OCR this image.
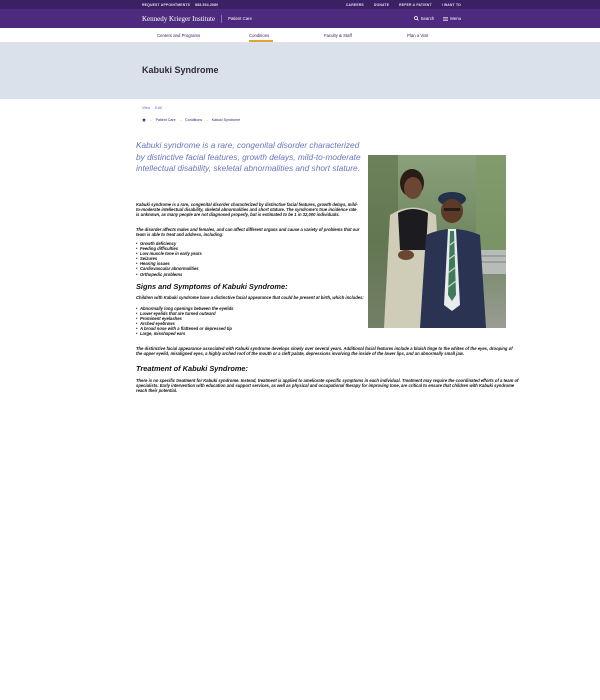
REQUEST APPOINTMENTS 888.554.2080	CAREERS	DONATE	REFER A PATIENT	I WANT TO
Kennedy Krieger Institute	Patient Care	Search	Menu
Centers and Programs	Conditions	Faculty & Staff	Plan a Visit
Kabuki Syndrome
View Edit
→ Patient Care → Conditions → Kabuki Syndrome

Kabuki syndrome is a rare, congenital disorder characterized by distinctive facial features, growth delays, mild-to-moderate intellectual disability, skeletal abnormalities and short stature.

Kabuki syndrome is a rare, congenital disorder characterized by distinctive facial features, growth delays, mild-to-moderate intellectual disability, skeletal abnormalities and short stature. The syndrome's true incidence rate is unknown, as many people are not diagnosed properly, but is estimated to be 1 in 32,000 individuals.

The disorder affects males and females, and can affect different organs and cause a variety of problems that our team is able to treat and address, including:

• Growth deficiency
• Feeding difficulties
• Low muscle tone in early years
• Seizures
• Hearing issues
• Cardiovascular abnormalities
• Orthopedic problems
Signs and Symptoms of Kabuki Syndrome:

Children with Kabuki syndrome have a distinctive facial appearance that could be present at birth, which includes:

• Abnormally long openings between the eyelids
• Lower eyelids that are turned outward
• Prominent eyelashes
• Arched eyebrows
• A broad nose with a flattened or depressed tip
• Large, misshaped ears

The distinctive facial appearance associated with Kabuki syndrome develops slowly over several years. Additional facial features include a bluish tinge to the whites of the eyes, drooping of the upper eyelid, misaligned eyes, a highly arched roof of the mouth or a cleft palate, depressions involving the inside of the lower lips, and an abnormally small jaw.

Treatment of Kabuki Syndrome:

There is no specific treatment for Kabuki syndrome. Instead, treatment is applied to ameliorate specific symptoms in each individual. Treatment may require the coordinated efforts of a team of specialists. Early intervention with education and support services, as well as physical and occupational therapy for improving tone, are critical to ensure that children with Kabuki syndrome reach their potential.
